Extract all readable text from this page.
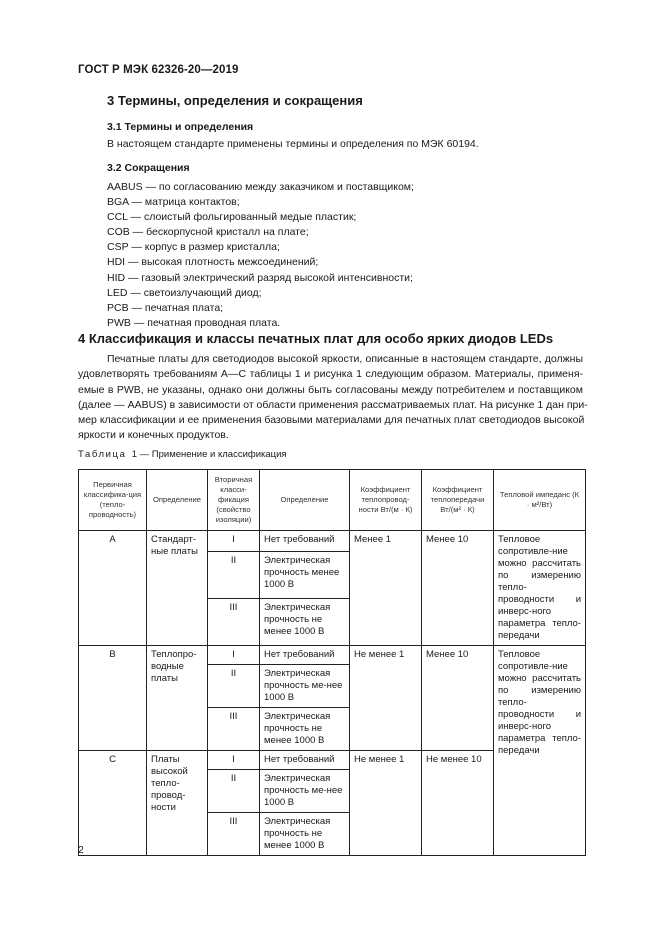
ГОСТ Р МЭК 62326-20—2019
3 Термины, определения и сокращения
3.1 Термины и определения
В настоящем стандарте применены термины и определения по МЭК 60194.
3.2 Сокращения
AABUS — по согласованию между заказчиком и поставщиком;
BGA — матрица контактов;
CCL — слоистый фольгированный медые пластик;
COB — бескорпусной кристалл на плате;
CSP — корпус в размер кристалла;
HDI — высокая плотность межсоединений;
HID — газовый электрический разряд высокой интенсивности;
LED — светоизлучающий диод;
PCB — печатная плата;
PWB — печатная проводная плата.
4 Классификация и классы печатных плат для особо ярких диодов LEDs
Печатные платы для светодиодов высокой яркости, описанные в настоящем стандарте, должны
удовлетворять требованиям А—С таблицы 1 и рисунка 1 следующим образом. Материалы, применя-
емые в PWB, не указаны, однако они должны быть согласованы между потребителем и поставщиком
(далее — AABUS) в зависимости от области применения рассматриваемых плат. На рисунке 1 дан при-
мер классификации и ее применения базовыми материалами для печатных плат светодиодов высокой
яркости и конечных продуктов.
Таблица 1 — Применение и классификация
Первичная классифика-ция (тепло-проводность)	Определение	Вторичная класси-фикация (свойство изоляции)	Определение	Коэффициент теплопровод-ности Вт/(м · К)	Коэффициент теплопередачи Вт/(м² · К)	Тепловой импеданс (К · м²/Вт)
A	Стандарт-ные платы	I	Нет требований	Менее 1	Менее 10	Тепловое сопротивле-ние можно рассчитать по измерению тепло-проводности и инверс-ного параметра тепло-передачи
		II	Электрическая прочность менее 1000 В			
		III	Электрическая прочность не менее 1000 В			
B	Теплопро-водные платы	I	Нет требований	Не менее 1	Менее 10	Тепловое сопротивле-ние можно рассчитать по измерению тепло-проводности и инверс-ного параметра тепло-передачи
		II	Электрическая прочность ме-нее 1000 В			
		III	Электрическая прочность не менее 1000 В			
C	Платы высокой тепло-провод-ности	I	Нет требований	Не менее 1	Не менее 10	
		II	Электрическая прочность ме-нее 1000 В			
		III	Электрическая прочность не менее 1000 В			
2
